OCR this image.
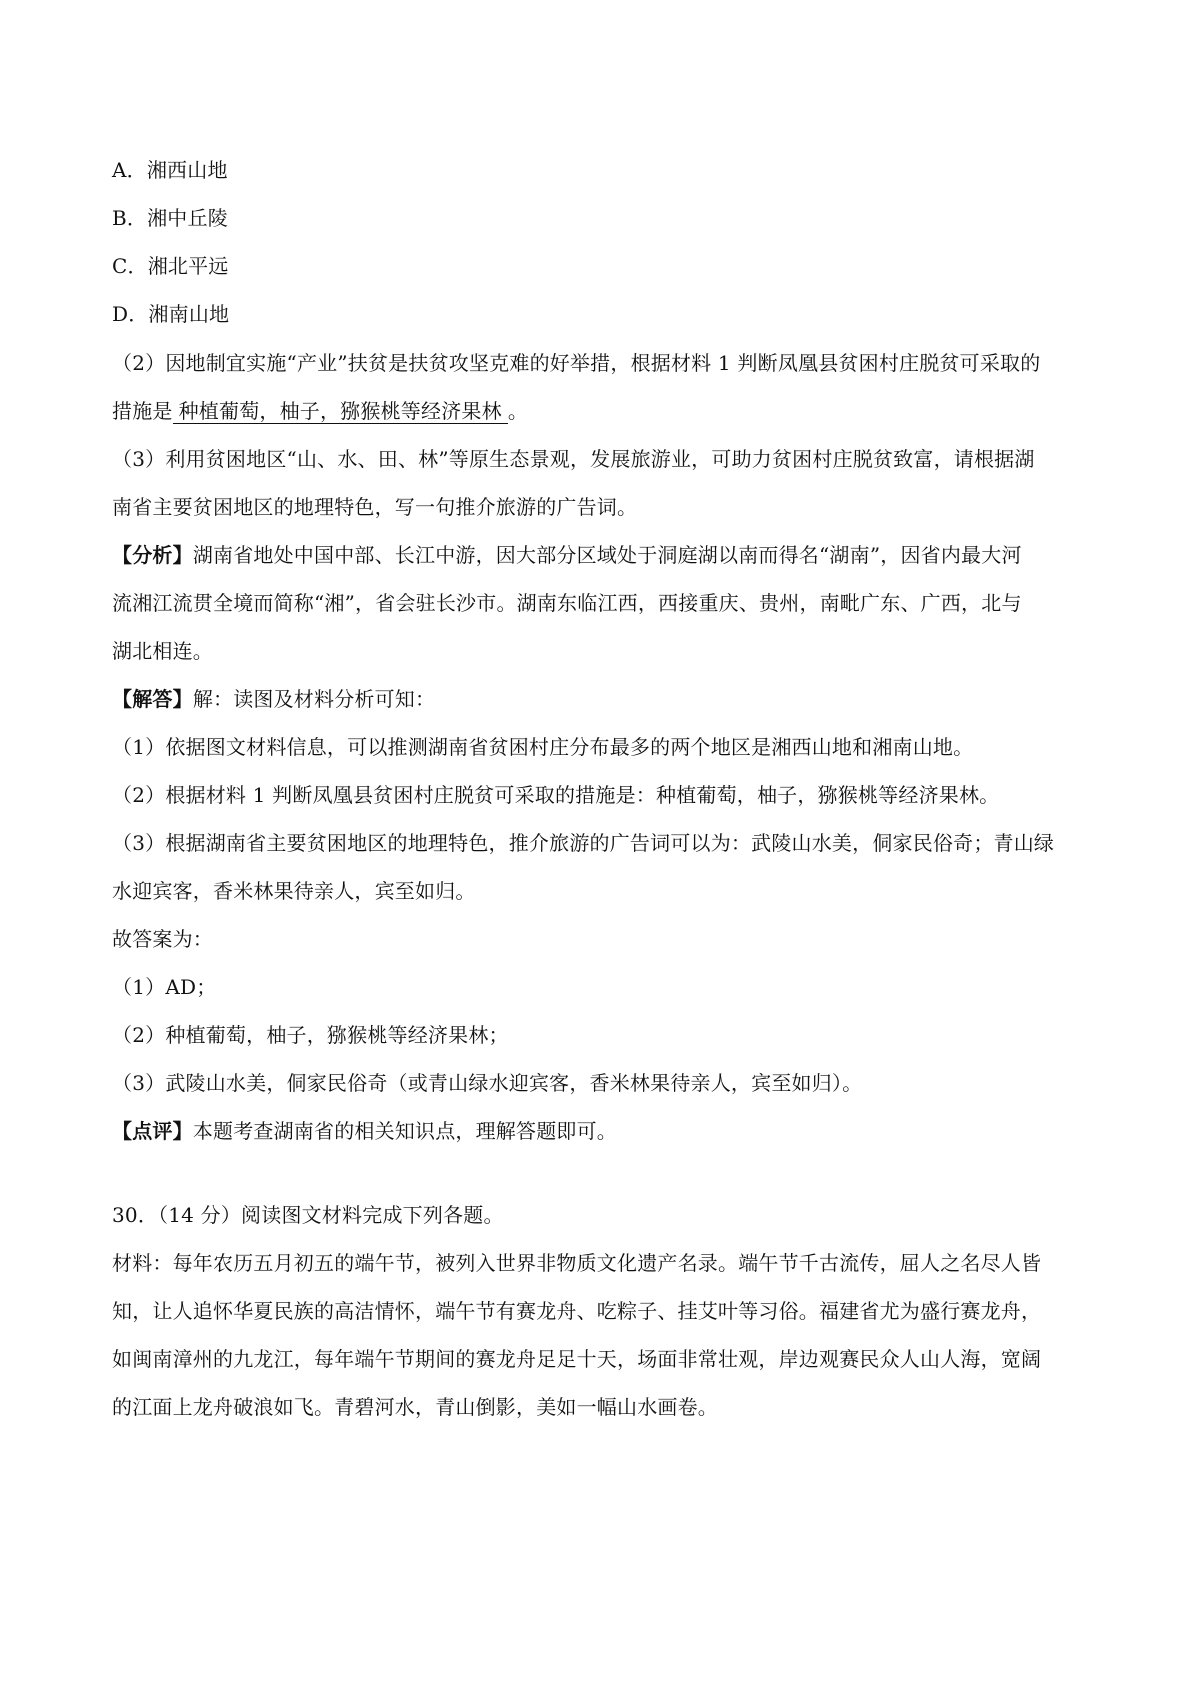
A．湘西山地
B．湘中丘陵
C．湘北平远
D．湘南山地
（2）因地制宜实施“产业”扶贫是扶贫攻坚克难的好举措，根据材料 1 判断凤凰县贫困村庄脱贫可采取的
措施是 种植葡萄，柚子，猕猴桃等经济果林 。
（3）利用贫困地区“山、水、田、林”等原生态景观，发展旅游业，可助力贫困村庄脱贫致富，请根据湖
南省主要贫困地区的地理特色，写一句推介旅游的广告词。
【分析】湖南省地处中国中部、长江中游，因大部分区域处于洞庭湖以南而得名“湖南”，因省内最大河
流湘江流贯全境而简称“湘”，省会驻长沙市。湖南东临江西，西接重庆、贵州，南毗广东、广西，北与
湖北相连。
【解答】解：读图及材料分析可知：
（1）依据图文材料信息，可以推测湖南省贫困村庄分布最多的两个地区是湘西山地和湘南山地。
（2）根据材料 1 判断凤凰县贫困村庄脱贫可采取的措施是：种植葡萄，柚子，猕猴桃等经济果林。
（3）根据湖南省主要贫困地区的地理特色，推介旅游的广告词可以为：武陵山水美，侗家民俗奇；青山绿
水迎宾客，香米林果待亲人，宾至如归。
故答案为：
（1）AD；
（2）种植葡萄，柚子，猕猴桃等经济果林；
（3）武陵山水美，侗家民俗奇（或青山绿水迎宾客，香米林果待亲人，宾至如归）。
【点评】本题考查湖南省的相关知识点，理解答题即可。
30．（14 分）阅读图文材料完成下列各题。
材料：每年农历五月初五的端午节，被列入世界非物质文化遗产名录。端午节千古流传，屈人之名尽人皆
知，让人追怀华夏民族的高洁情怀，端午节有赛龙舟、吃粽子、挂艾叶等习俗。福建省尤为盛行赛龙舟，
如闽南漳州的九龙江，每年端午节期间的赛龙舟足足十天，场面非常壮观，岸边观赛民众人山人海，宽阔
的江面上龙舟破浪如飞。青碧河水，青山倒影，美如一幅山水画卷。
